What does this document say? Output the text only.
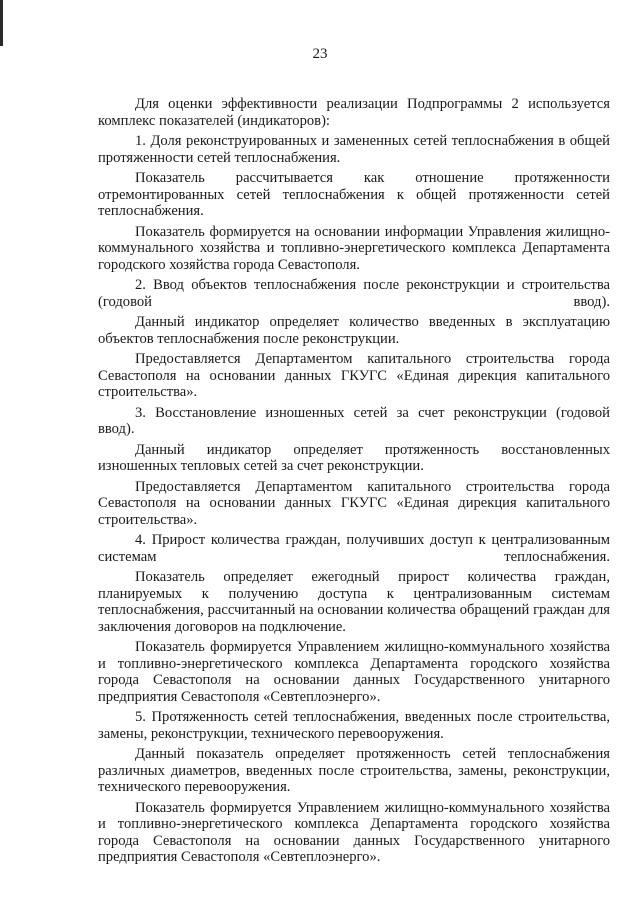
23

Для оценки эффективности реализации Подпрограммы 2 используется комплекс показателей (индикаторов):

1. Доля реконструированных и замененных сетей теплоснабжения в общей протяженности сетей теплоснабжения.

Показатель рассчитывается как отношение протяженности отремонтированных сетей теплоснабжения к общей протяженности сетей теплоснабжения.

Показатель формируется на основании информации Управления жилищно-коммунального хозяйства и топливно-энергетического комплекса Департамента городского хозяйства города Севастополя.

2. Ввод объектов теплоснабжения после реконструкции и строительства (годовой ввод).

Данный индикатор определяет количество введенных в эксплуатацию объектов теплоснабжения после реконструкции.

Предоставляется Департаментом капитального строительства города Севастополя на основании данных ГКУГС «Единая дирекция капитального строительства».

3. Восстановление изношенных сетей за счет реконструкции (годовой ввод).

Данный индикатор определяет протяженность восстановленных изношенных тепловых сетей за счет реконструкции.

Предоставляется Департаментом капитального строительства города Севастополя на основании данных ГКУГС «Единая дирекция капитального строительства».

4. Прирост количества граждан, получивших доступ к централизованным системам теплоснабжения.

Показатель определяет ежегодный прирост количества граждан, планируемых к получению доступа к централизованным системам теплоснабжения, рассчитанный на основании количества обращений граждан для заключения договоров на подключение.

Показатель формируется Управлением жилищно-коммунального хозяйства и топливно-энергетического комплекса Департамента городского хозяйства города Севастополя на основании данных Государственного унитарного предприятия Севастополя «Севтеплоэнерго».

5. Протяженность сетей теплоснабжения, введенных после строительства, замены, реконструкции, технического перевооружения.

Данный показатель определяет протяженность сетей теплоснабжения различных диаметров, введенных после строительства, замены, реконструкции, технического перевооружения.

Показатель формируется Управлением жилищно-коммунального хозяйства и топливно-энергетического комплекса Департамента городского хозяйства города Севастополя на основании данных Государственного унитарного предприятия Севастополя «Севтеплоэнерго».
